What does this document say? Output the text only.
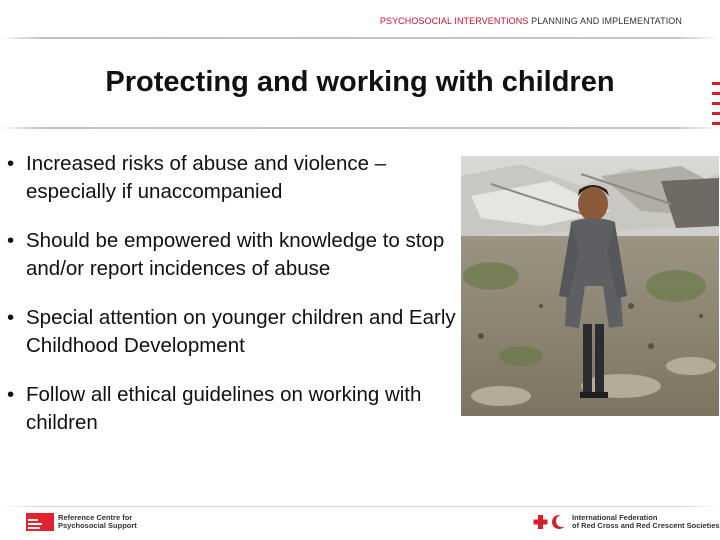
PSYCHOSOCIAL INTERVENTIONS PLANNING AND IMPLEMENTATION
Protecting and working with children
• Increased risks of abuse and violence – especially if unaccompanied
• Should be empowered with knowledge to stop and/or report incidences of abuse
• Special attention on younger children and Early Childhood Development
• Follow all ethical guidelines on working with children
Reference Centre for
Psychosocial Support
International Federation
of Red Cross and Red Crescent Societies
